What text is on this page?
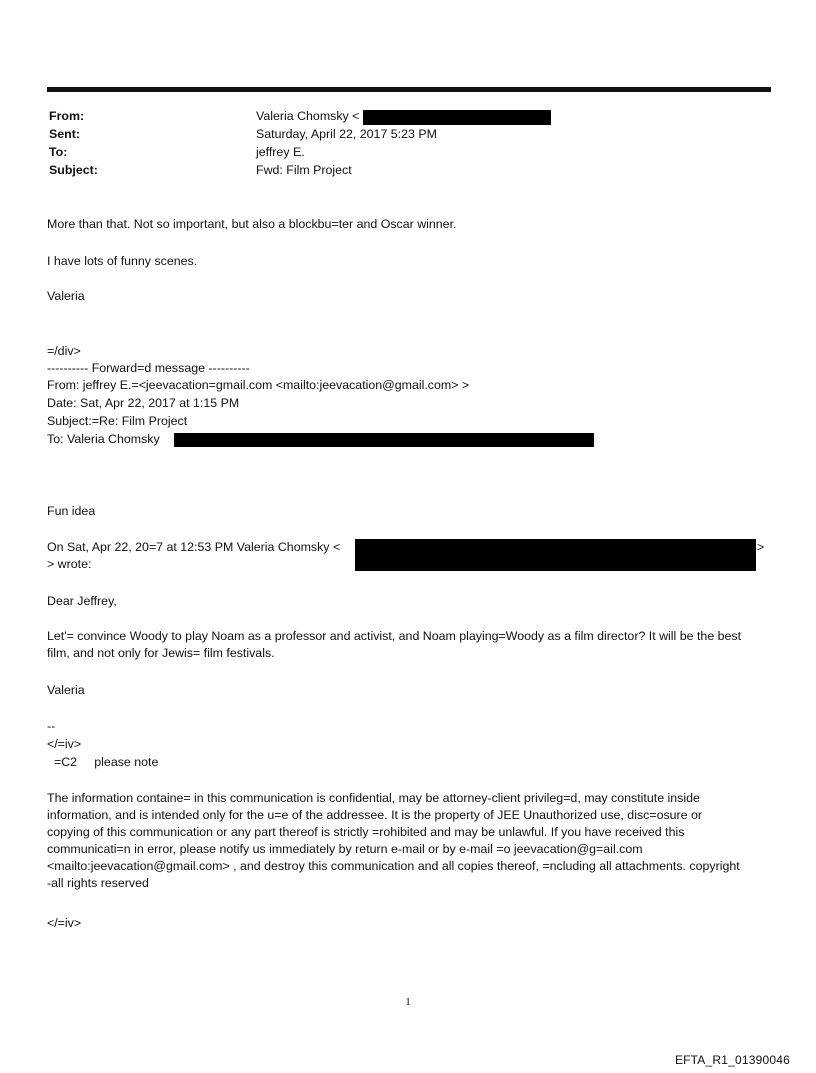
From:	Valeria Chomsky <
Sent:	Saturday, April 22, 2017 5:23 PM
To:	jeffrey E.
Subject:	Fwd: Film Project
More than that. Not so important, but also a blockbu=ter and Oscar winner.
I have lots of funny scenes.
Valeria
=/div>
---------- Forward=d message ----------
From: jeffrey E.=<jeevacation=gmail.com <mailto:jeevacation@gmail.com> >
Date: Sat, Apr 22, 2017 at 1:15 PM
Subject:=Re: Film Project
To: Valeria Chomsky
Fun idea
On Sat, Apr 22, 20=7 at 12:53 PM Valeria Chomsky <	>
> wrote:
Dear Jeffrey,
Let'= convince Woody to play Noam as a professor and activist, and Noam playing=Woody as a film director? It will be the best film, and not only for Jewis= film festivals.
Valeria
--
</=iv>
=C2     please note
The information containe= in this communication is confidential, may be attorney-client privileg=d, may constitute inside information, and is intended only for the u=e of the addressee. It is the property of JEE Unauthorized use, disc=osure or copying of this communication or any part thereof is strictly =rohibited and may be unlawful. If you have received this communicati=n in error, please notify us immediately by return e-mail or by e-mail =o jeevacation@g=ail.com <mailto:jeevacation@gmail.com> , and destroy this communication and all copies thereof, =ncluding all attachments. copyright -all rights reserved
</=iv>
1
EFTA_R1_01390046
